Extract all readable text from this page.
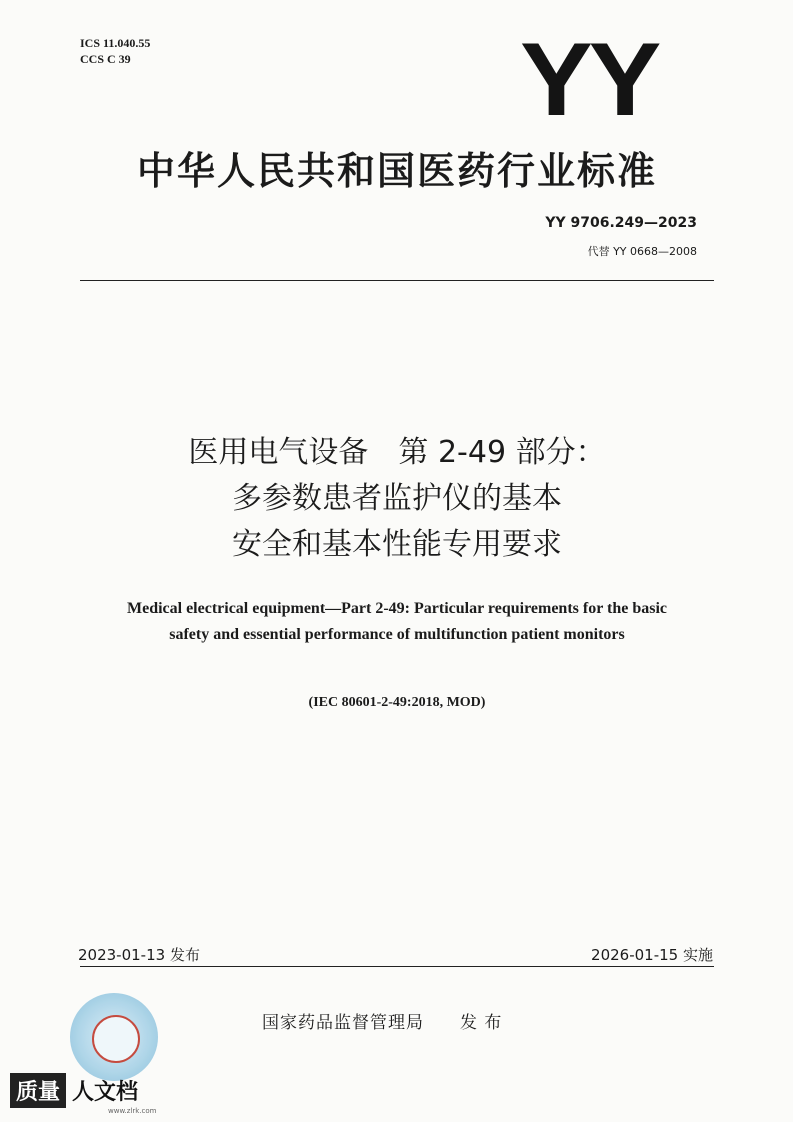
ICS 11.040.55
CCS C 39	YY
中华人民共和国医药行业标准
YY 9706.249—2023
代替 YY 0668—2008
医用电气设备　第 2-49 部分：
多参数患者监护仪的基本
安全和基本性能专用要求
Medical electrical equipment—Part 2-49: Particular requirements for the basic
safety and essential performance of multifunction patient monitors
(IEC 80601-2-49:2018, MOD)
2023-01-13 发布	2026-01-15 实施
国家药品监督管理局　　发 布
质量 人文档
www.zlrk.com
